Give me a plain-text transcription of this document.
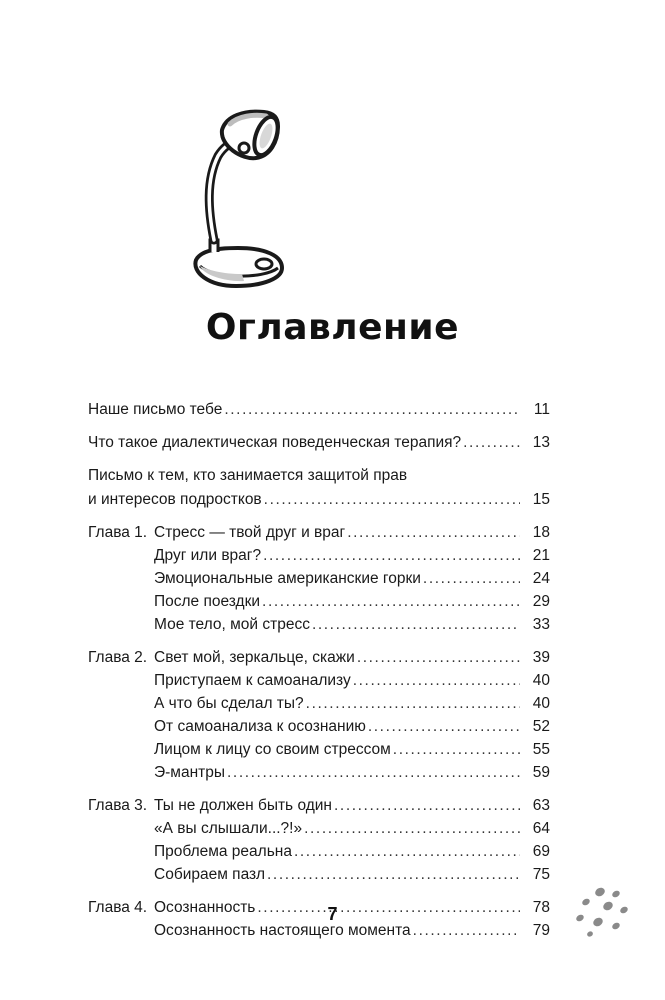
Оглавление
Наше письмо тебе .....	11
Что такое диалектическая поведенческая терапия? .....	13
Письмо к тем, кто занимается защитой прав
и интересов подростков .....	15
Глава 1. Стресс — твой друг и враг .....	18
Друг или враг? .....	21
Эмоциональные американские горки .....	24
После поездки .....	29
Мое тело, мой стресс .....	33
Глава 2. Свет мой, зеркальце, скажи .....	39
Приступаем к самоанализу .....	40
А что бы сделал ты? .....	40
От самоанализа к осознанию .....	52
Лицом к лицу со своим стрессом .....	55
Э-мантры .....	59
Глава 3. Ты не должен быть один .....	63
«А вы слышали...?!» .....	64
Проблема реальна .....	69
Собираем пазл .....	75
Глава 4. Осознанность .....	78
Осознанность настоящего момента .....	79
7
